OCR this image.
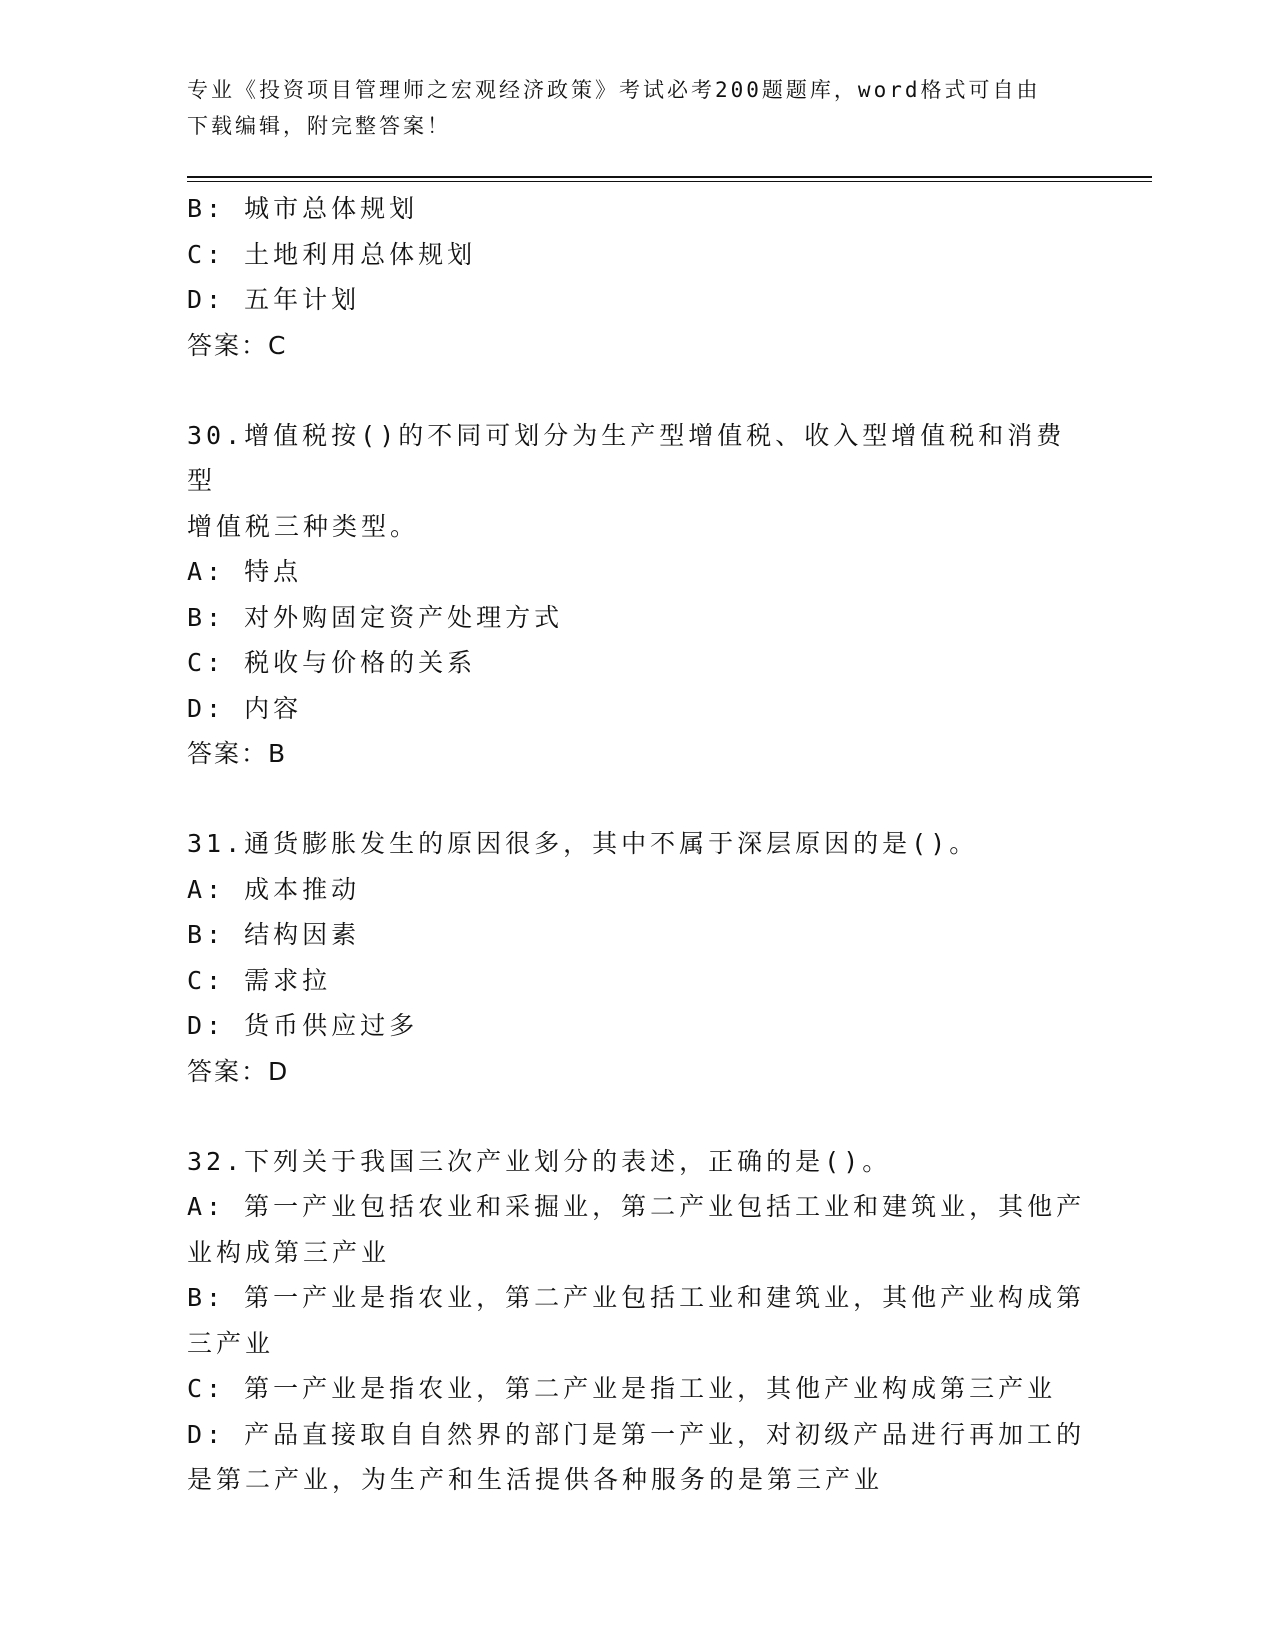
专业《投资项目管理师之宏观经济政策》考试必考200题题库，word格式可自由
下载编辑，附完整答案！
B: 城市总体规划
C: 土地利用总体规划
D: 五年计划
答案：C
30.增值税按()的不同可划分为生产型增值税、收入型增值税和消费型
增值税三种类型。
A: 特点
B: 对外购固定资产处理方式
C: 税收与价格的关系
D: 内容
答案：B
31.通货膨胀发生的原因很多，其中不属于深层原因的是()。
A: 成本推动
B: 结构因素
C: 需求拉
D: 货币供应过多
答案：D
32.下列关于我国三次产业划分的表述，正确的是()。
A: 第一产业包括农业和采掘业，第二产业包括工业和建筑业，其他产
业构成第三产业
B: 第一产业是指农业，第二产业包括工业和建筑业，其他产业构成第
三产业
C: 第一产业是指农业，第二产业是指工业，其他产业构成第三产业
D: 产品直接取自自然界的部门是第一产业，对初级产品进行再加工的
是第二产业，为生产和生活提供各种服务的是第三产业
